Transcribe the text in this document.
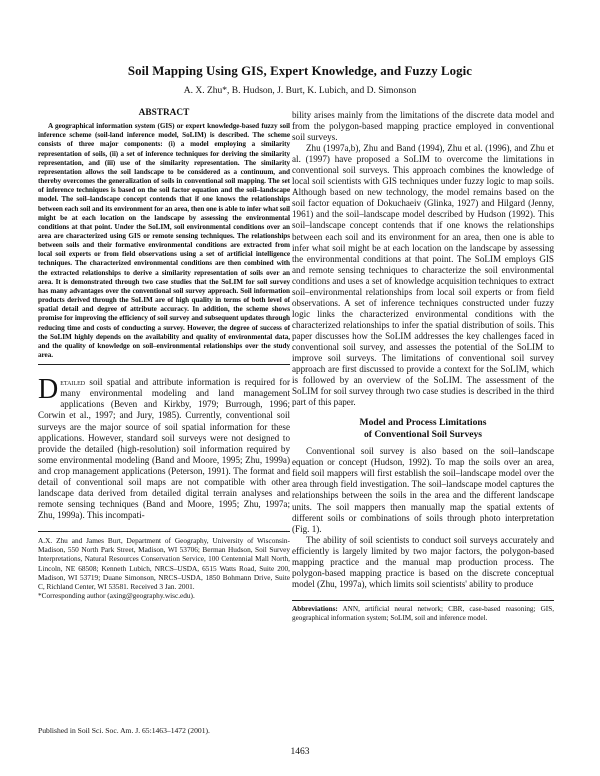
Soil Mapping Using GIS, Expert Knowledge, and Fuzzy Logic
A. X. Zhu*, B. Hudson, J. Burt, K. Lubich, and D. Simonson
ABSTRACT

A geographical information system (GIS) or expert knowledge-based fuzzy soil inference scheme (soil-land inference model, SoLIM) is described. The scheme consists of three major components: (i) a model employing a similarity representation of soils, (ii) a set of inference techniques for deriving the similarity representation, and (iii) use of the similarity representation. The similarity representation allows the soil landscape to be considered as a continuum, and thereby overcomes the generalization of soils in conventional soil mapping. The set of inference techniques is based on the soil factor equation and the soil–landscape model. The soil–landscape concept contends that if one knows the relationships between each soil and its environment for an area, then one is able to infer what soil might be at each location on the landscape by assessing the environmental conditions at that point. Under the SoLIM, soil environmental conditions over an area are characterized using GIS or remote sensing techniques. The relationships between soils and their formative environmental conditions are extracted from local soil experts or from field observations using a set of artificial intelligence techniques. The characterized environmental conditions are then combined with the extracted relationships to derive a similarity representation of soils over an area. It is demonstrated through two case studies that the SoLIM for soil survey has many advantages over the conventional soil survey approach. Soil information products derived through the SoLIM are of high quality in terms of both level of spatial detail and degree of attribute accuracy. In addition, the scheme shows promise for improving the efficiency of soil survey and subsequent updates through reducing time and costs of conducting a survey. However, the degree of success of the SoLIM highly depends on the availability and quality of environmental data, and the quality of knowledge on soil–environmental relationships over the study area.

Detailed soil spatial and attribute information is required for many environmental modeling and land management applications (Beven and Kirkby, 1979; Burrough, 1996; Corwin et al., 1997; and Jury, 1985). Currently, conventional soil surveys are the major source of soil spatial information for these applications. However, standard soil surveys were not designed to provide the detailed (high-resolution) soil information required by some environmental modeling (Band and Moore, 1995; Zhu, 1999a) and crop management applications (Peterson, 1991). The format and detail of conventional soil maps are not compatible with other landscape data derived from detailed digital terrain analyses and remote sensing techniques (Band and Moore, 1995; Zhu, 1997a; Zhu, 1999a). This incompati-

A.X. Zhu and James Burt, Department of Geography, University of Wisconsin-Madison, 550 North Park Street, Madison, WI 53706; Berman Hudson, Soil Survey Interpretations, Natural Resources Conservation Service, 100 Centennial Mall North, Lincoln, NE 68508; Kenneth Lubich, NRCS–USDA, 6515 Watts Road, Suite 200, Madison, WI 53719; Duane Simonson, NRCS–USDA, 1850 Bohmann Drive, Suite C, Richland Center, WI 53581. Received 3 Jan. 2001.
*Corresponding author (axing@geography.wisc.edu).

Published in Soil Sci. Soc. Am. J. 65:1463–1472 (2001).

bility arises mainly from the limitations of the discrete data model and from the polygon-based mapping practice employed in conventional soil surveys.

Zhu (1997a,b), Zhu and Band (1994), Zhu et al. (1996), and Zhu et al. (1997) have proposed a SoLIM to overcome the limitations in conventional soil surveys. This approach combines the knowledge of local soil scientists with GIS techniques under fuzzy logic to map soils. Although based on new technology, the model remains based on the soil factor equation of Dokuchaeiv (Glinka, 1927) and Hilgard (Jenny, 1961) and the soil–landscape model described by Hudson (1992). This soil–landscape concept contends that if one knows the relationships between each soil and its environment for an area, then one is able to infer what soil might be at each location on the landscape by assessing the environmental conditions at that point. The SoLIM employs GIS and remote sensing techniques to characterize the soil environmental conditions and uses a set of knowledge acquisition techniques to extract soil–environmental relationships from local soil experts or from field observations. A set of inference techniques constructed under fuzzy logic links the characterized environmental conditions with the characterized relationships to infer the spatial distribution of soils. This paper discusses how the SoLIM addresses the key challenges faced in conventional soil survey, and assesses the potential of the SoLIM to improve soil surveys. The limitations of conventional soil survey approach are first discussed to provide a context for the SoLIM, which is followed by an overview of the SoLIM. The assessment of the SoLIM for soil survey through two case studies is described in the third part of this paper.

Model and Process Limitations
of Conventional Soil Surveys

Conventional soil survey is also based on the soil–landscape equation or concept (Hudson, 1992). To map the soils over an area, field soil mappers will first establish the soil–landscape model over the area through field investigation. The soil–landscape model captures the relationships between the soils in the area and the different landscape units. The soil mappers then manually map the spatial extents of different soils or combinations of soils through photo interpretation (Fig. 1).

The ability of soil scientists to conduct soil surveys accurately and efficiently is largely limited by two major factors, the polygon-based mapping practice and the manual map production process. The polygon-based mapping practice is based on the discrete conceptual model (Zhu, 1997a), which limits soil scientists' ability to produce

Abbreviations: ANN, artificial neural network; CBR, case-based reasoning; GIS, geographical information system; SoLIM, soil and inference model.

1463
